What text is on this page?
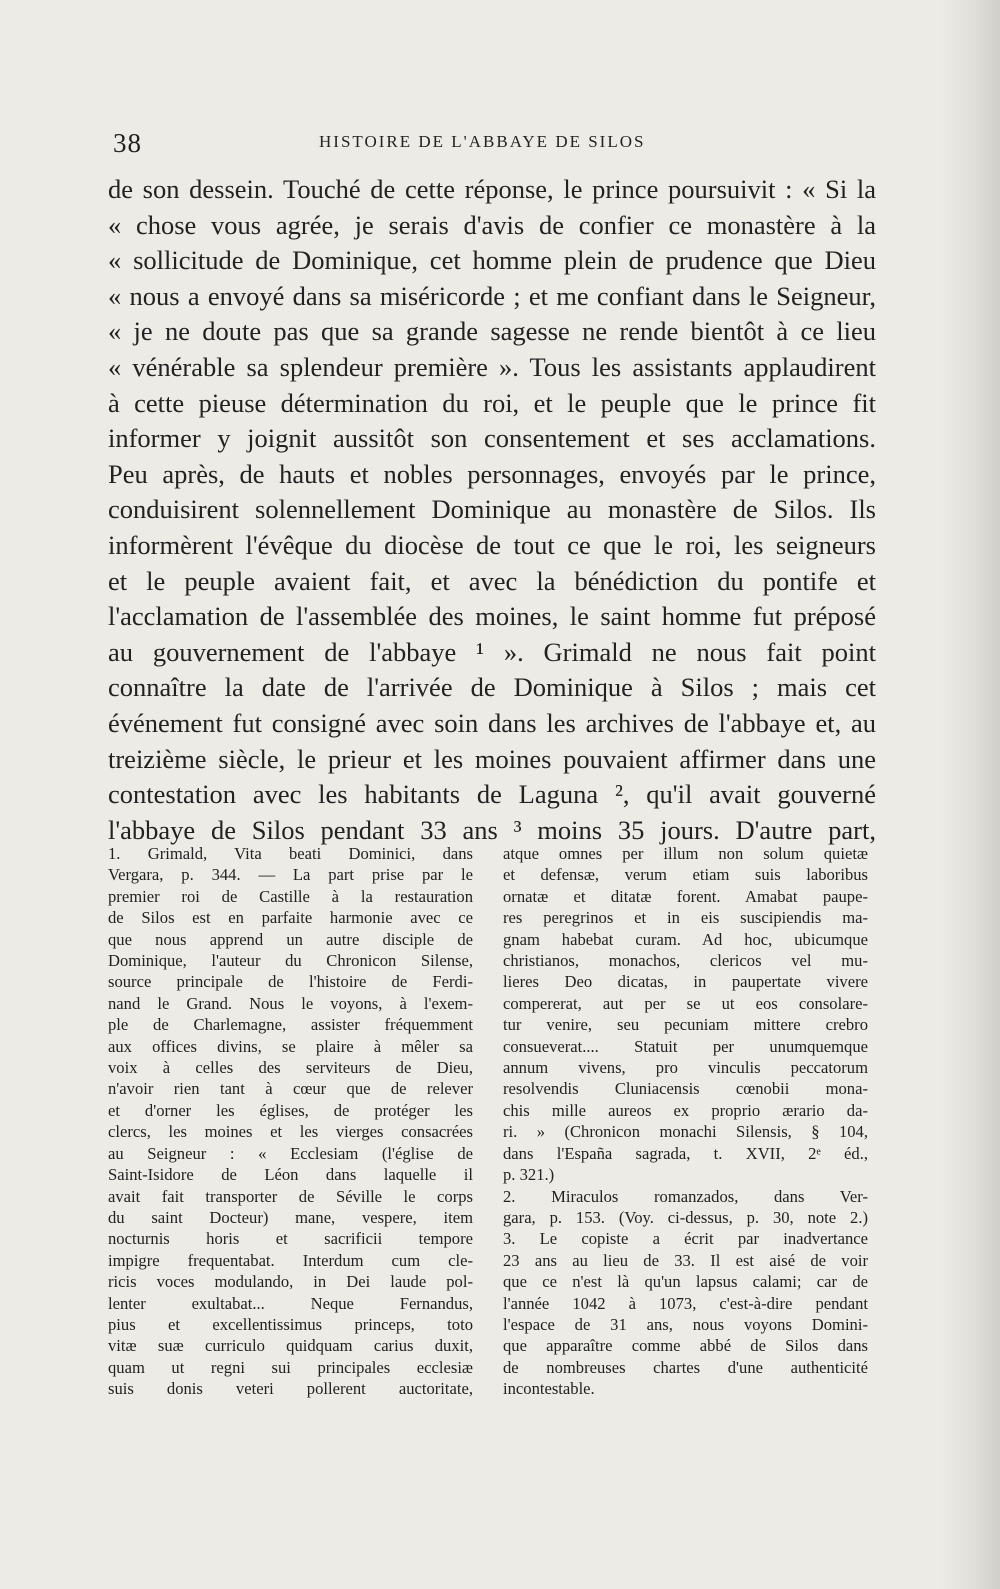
38	HISTOIRE DE L'ABBAYE DE SILOS
de son dessein. Touché de cette réponse, le prince poursuivit : « Si la
« chose vous agrée, je serais d'avis de confier ce monastère à la
« sollicitude de Dominique, cet homme plein de prudence que Dieu
« nous a envoyé dans sa miséricorde ; et me confiant dans le Seigneur,
« je ne doute pas que sa grande sagesse ne rende bientôt à ce lieu
« vénérable sa splendeur première ». Tous les assistants applaudirent
à cette pieuse détermination du roi, et le peuple que le prince fit
informer y joignit aussitôt son consentement et ses acclamations.
Peu après, de hauts et nobles personnages, envoyés par le prince,
conduisirent solennellement Dominique au monastère de Silos. Ils
informèrent l'évêque du diocèse de tout ce que le roi, les seigneurs
et le peuple avaient fait, et avec la bénédiction du pontife et
l'acclamation de l'assemblée des moines, le saint homme fut préposé
au gouvernement de l'abbaye ¹ ». Grimald ne nous fait point
connaître la date de l'arrivée de Dominique à Silos ; mais cet
événement fut consigné avec soin dans les archives de l'abbaye et, au
treizième siècle, le prieur et les moines pouvaient affirmer dans une
contestation avec les habitants de Laguna ², qu'il avait gouverné
l'abbaye de Silos pendant 33 ans ³ moins 35 jours. D'autre part,
1. Grimald, Vita beati Dominici, dans
Vergara, p. 344. — La part prise par le
premier roi de Castille à la restauration
de Silos est en parfaite harmonie avec ce
que nous apprend un autre disciple de
Dominique, l'auteur du Chronicon Silense,
source principale de l'histoire de Ferdi-
nand le Grand. Nous le voyons, à l'exem-
ple de Charlemagne, assister fréquemment
aux offices divins, se plaire à mêler sa
voix à celles des serviteurs de Dieu,
n'avoir rien tant à cœur que de relever
et d'orner les églises, de protéger les
clercs, les moines et les vierges consacrées
au Seigneur : « Ecclesiam (l'église de
Saint-Isidore de Léon dans laquelle il
avait fait transporter de Séville le corps
du saint Docteur) mane, vespere, item
nocturnis horis et sacrificii tempore
impigre frequentabat. Interdum cum cle-
ricis voces modulando, in Dei laude pol-
lenter exultabat... Neque Fernandus,
pius et excellentissimus princeps, toto
vitæ suæ curriculo quidquam carius duxit,
quam ut regni sui principales ecclesiæ
suis donis veteri pollerent auctoritate,
atque omnes per illum non solum quietæ
et defensæ, verum etiam suis laboribus
ornatæ et ditatæ forent. Amabat paupe-
res peregrinos et in eis suscipiendis ma-
gnam habebat curam. Ad hoc, ubicumque
christianos, monachos, clericos vel mu-
lieres Deo dicatas, in paupertate vivere
compererat, aut per se ut eos consolare-
tur venire, seu pecuniam mittere crebro
consueverat.... Statuit per unumquemque
annum vivens, pro vinculis peccatorum
resolvendis Cluniacensis cœnobii mona-
chis mille aureos ex proprio ærario da-
ri. » (Chronicon monachi Silensis, § 104,
dans l'España sagrada, t. XVII, 2ᵉ éd.,
p. 321.)
2. Miraculos romanzados, dans Ver-
gara, p. 153. (Voy. ci-dessus, p. 30, note 2.)
3. Le copiste a écrit par inadvertance
23 ans au lieu de 33. Il est aisé de voir
que ce n'est là qu'un lapsus calami; car de
l'année 1042 à 1073, c'est-à-dire pendant
l'espace de 31 ans, nous voyons Domini-
que apparaître comme abbé de Silos dans
de nombreuses chartes d'une authenticité
incontestable.
